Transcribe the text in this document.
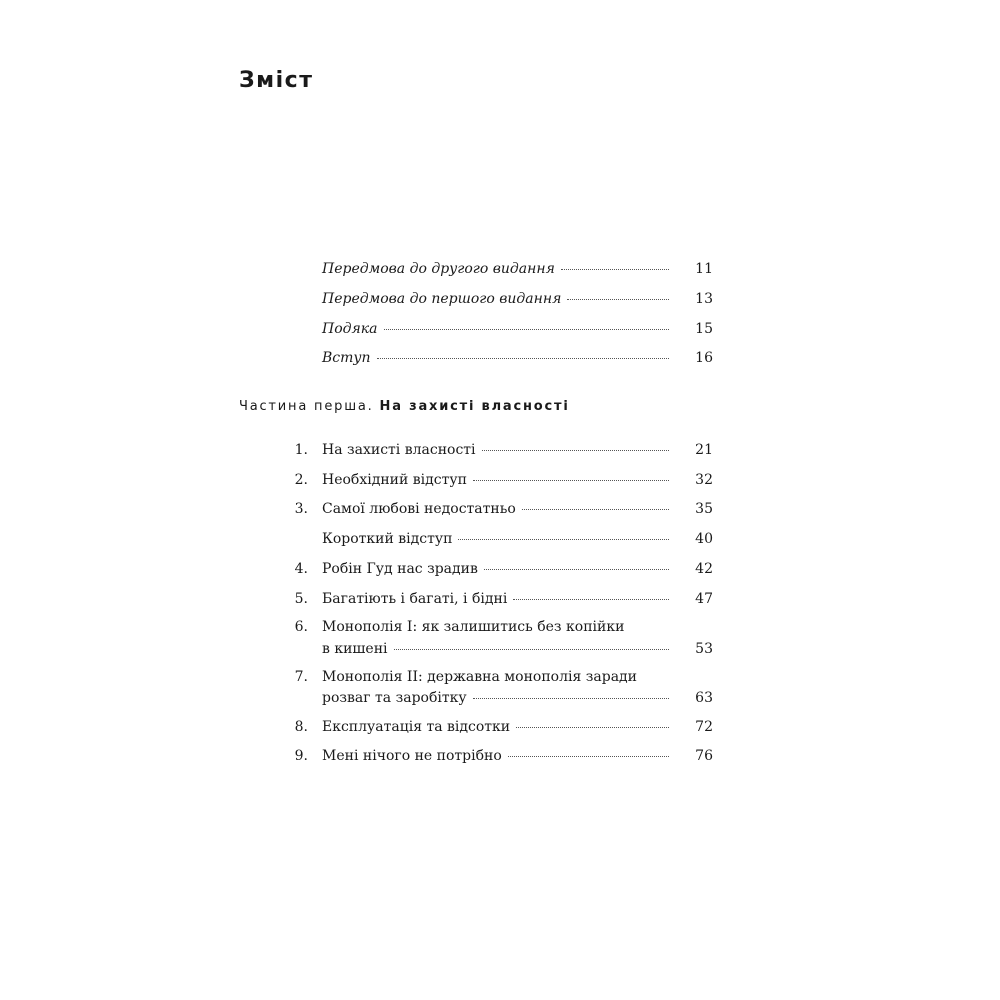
Зміст
Передмова до другого видання	11
Передмова до першого видання	13
Подяка	15
Вступ	16
Частина перша. На захисті власності
1. На захисті власності	21
2. Необхідний відступ	32
3. Самої любові недостатньо	35
Короткий відступ	40
4. Робін Гуд нас зрадив	42
5. Багатіють і багаті, і бідні	47
6. Монополія I: як залишитись без копійки
в кишені	53
7. Монополія II: державна монополія заради
розваг та заробітку	63
8. Експлуатація та відсотки	72
9. Мені нічого не потрібно	76
